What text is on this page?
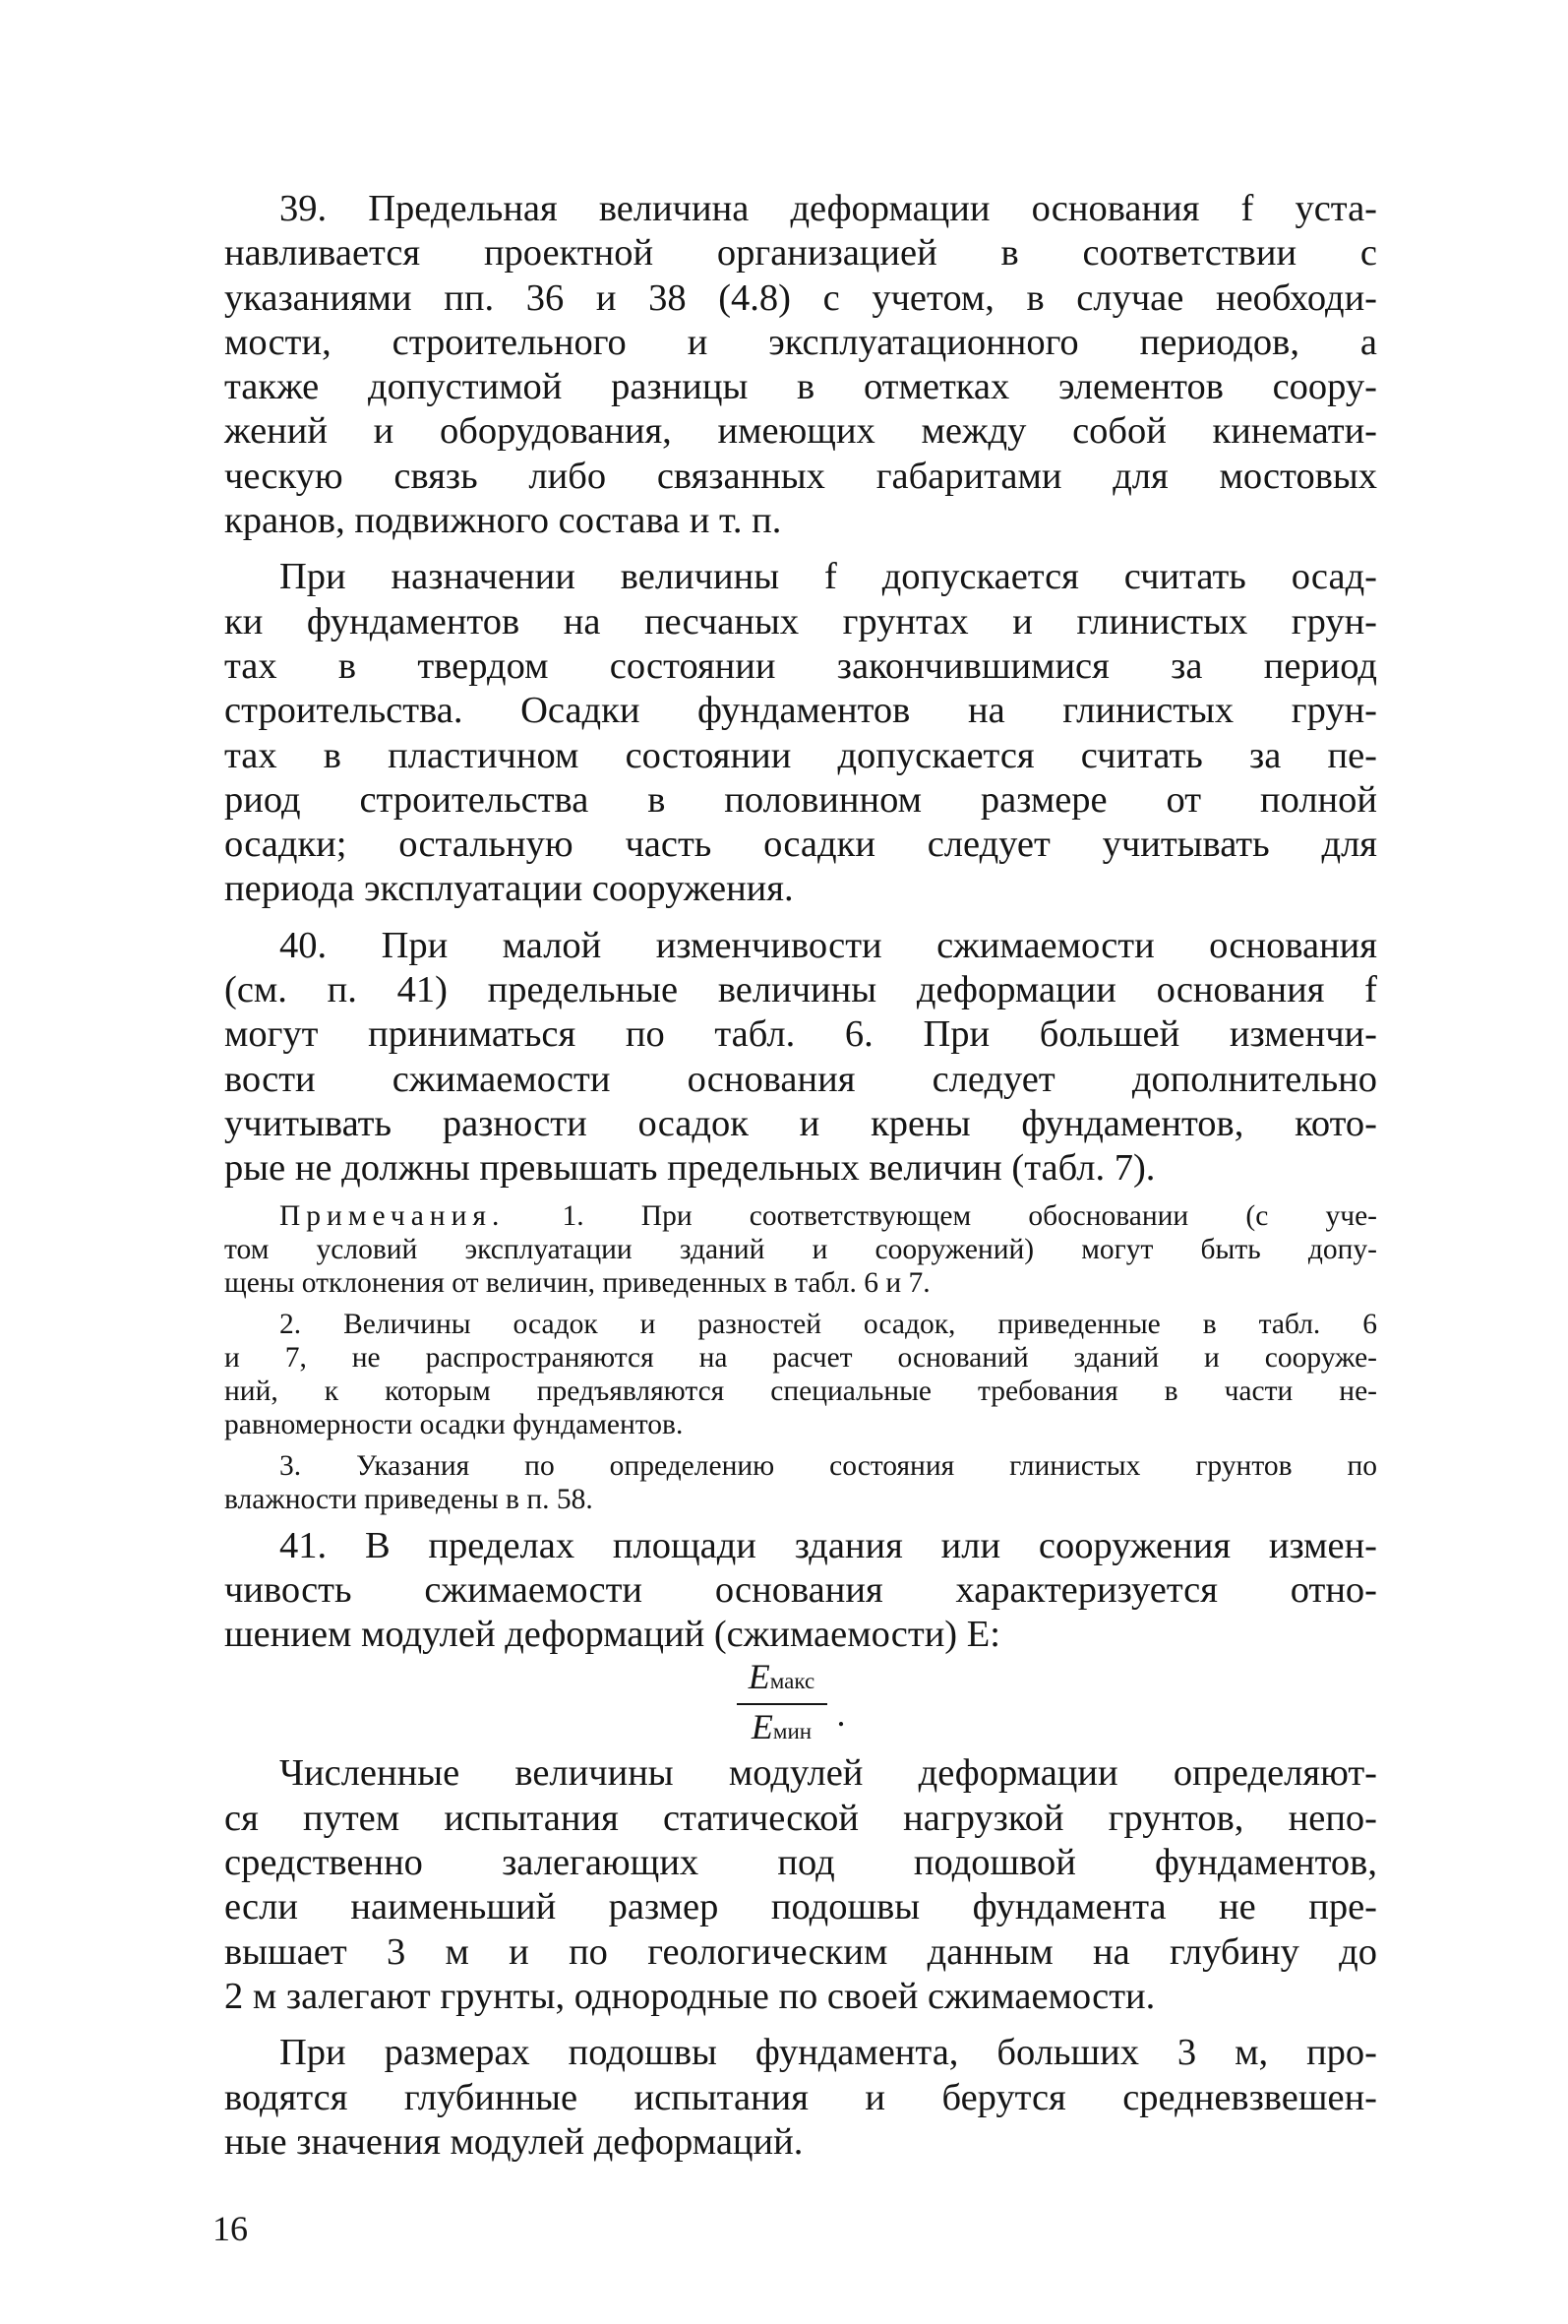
39. Предельная величина деформации основания f уста-

навливается проектной организацией в соответствии с

указаниями пп. 36 и 38 (4.8) с учетом, в случае необходи-

мости, строительного и эксплуатационного периодов, а

также допустимой разницы в отметках элементов соору-

жений и оборудования, имеющих между собой кинемати-

ческую связь либо связанных габаритами для мостовых

кранов, подвижного состава и т. п.

При назначении величины f допускается считать осад-

ки фундаментов на песчаных грунтах и глинистых грун-

тах в твердом состоянии закончившимися за период

строительства. Осадки фундаментов на глинистых грун-

тах в пластичном состоянии допускается считать за пе-

риод строительства в половинном размере от полной

осадки; остальную часть осадки следует учитывать для

периода эксплуатации сооружения.

40. При малой изменчивости сжимаемости основания

(см. п. 41) предельные величины деформации основания f

могут приниматься по табл. 6. При большей изменчи-

вости сжимаемости основания следует дополнительно

учитывать разности осадок и крены фундаментов, кото-

рые не должны превышать предельных величин (табл. 7).

Примечания. 1. При соответствующем обосновании (с уче-

том условий эксплуатации зданий и сооружений) могут быть допу-

щены отклонения от величин, приведенных в табл. 6 и 7.

2. Величины осадок и разностей осадок, приведенные в табл. 6

и 7, не распространяются на расчет оснований зданий и сооруже-

ний, к которым предъявляются специальные требования в части не-

равномерности осадки фундаментов.

3. Указания по определению состояния глинистых грунтов по

влажности приведены в п. 58.

41. В пределах площади здания или сооружения измен-

чивость сжимаемости основания характеризуется отно-

шением модулей деформаций (сжимаемости) E:

$\frac{\text{Eмакс}}{\text{Eмин}}$ .

Численные величины модулей деформации определяют-

ся путем испытания статической нагрузкой грунтов, непо-

средственно залегающих под подошвой фундаментов,

если наименьший размер подошвы фундамента не пре-

вышает 3 м и по геологическим данным на глубину до

2 м залегают грунты, однородные по своей сжимаемости.

При размерах подошвы фундамента, больших 3 м, про-

водятся глубинные испытания и берутся средневзвешен-

ные значения модулей деформаций.

16
